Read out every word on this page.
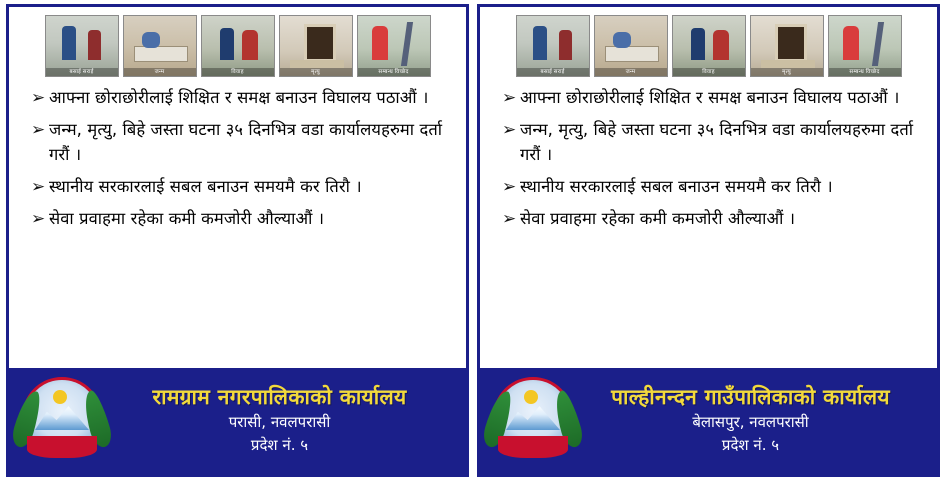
बसाई सराई	जन्म	विवाह	मृत्यु	सम्बन्ध विच्छेद
➢ आफ्ना छोराछोरीलाई शिक्षित र समक्ष बनाउन विघालय पठाऔं ।
➢ जन्म, मृत्यु, बिहे जस्ता घटना ३५ दिनभित्र वडा कार्यालयहरुमा दर्ता गरौं ।
➢ स्थानीय सरकारलाई सबल बनाउन समयमै कर तिरौ ।
➢ सेवा प्रवाहमा रहेका कमी कमजोरी औल्याऔं ।
रामग्राम नगरपालिकाको कार्यालय
परासी, नवलपरासी
प्रदेश नं. ५
बसाई सराई	जन्म	विवाह	मृत्यु	सम्बन्ध विच्छेद
➢ आफ्ना छोराछोरीलाई शिक्षित र समक्ष बनाउन विघालय पठाऔं ।
➢ जन्म, मृत्यु, बिहे जस्ता घटना ३५ दिनभित्र वडा कार्यालयहरुमा दर्ता गरौं ।
➢ स्थानीय सरकारलाई सबल बनाउन समयमै कर तिरौ ।
➢ सेवा प्रवाहमा रहेका कमी कमजोरी औल्याऔं ।
पाल्हीनन्दन गाउँपालिकाको कार्यालय
बेलासपुर, नवलपरासी
प्रदेश नं. ५
